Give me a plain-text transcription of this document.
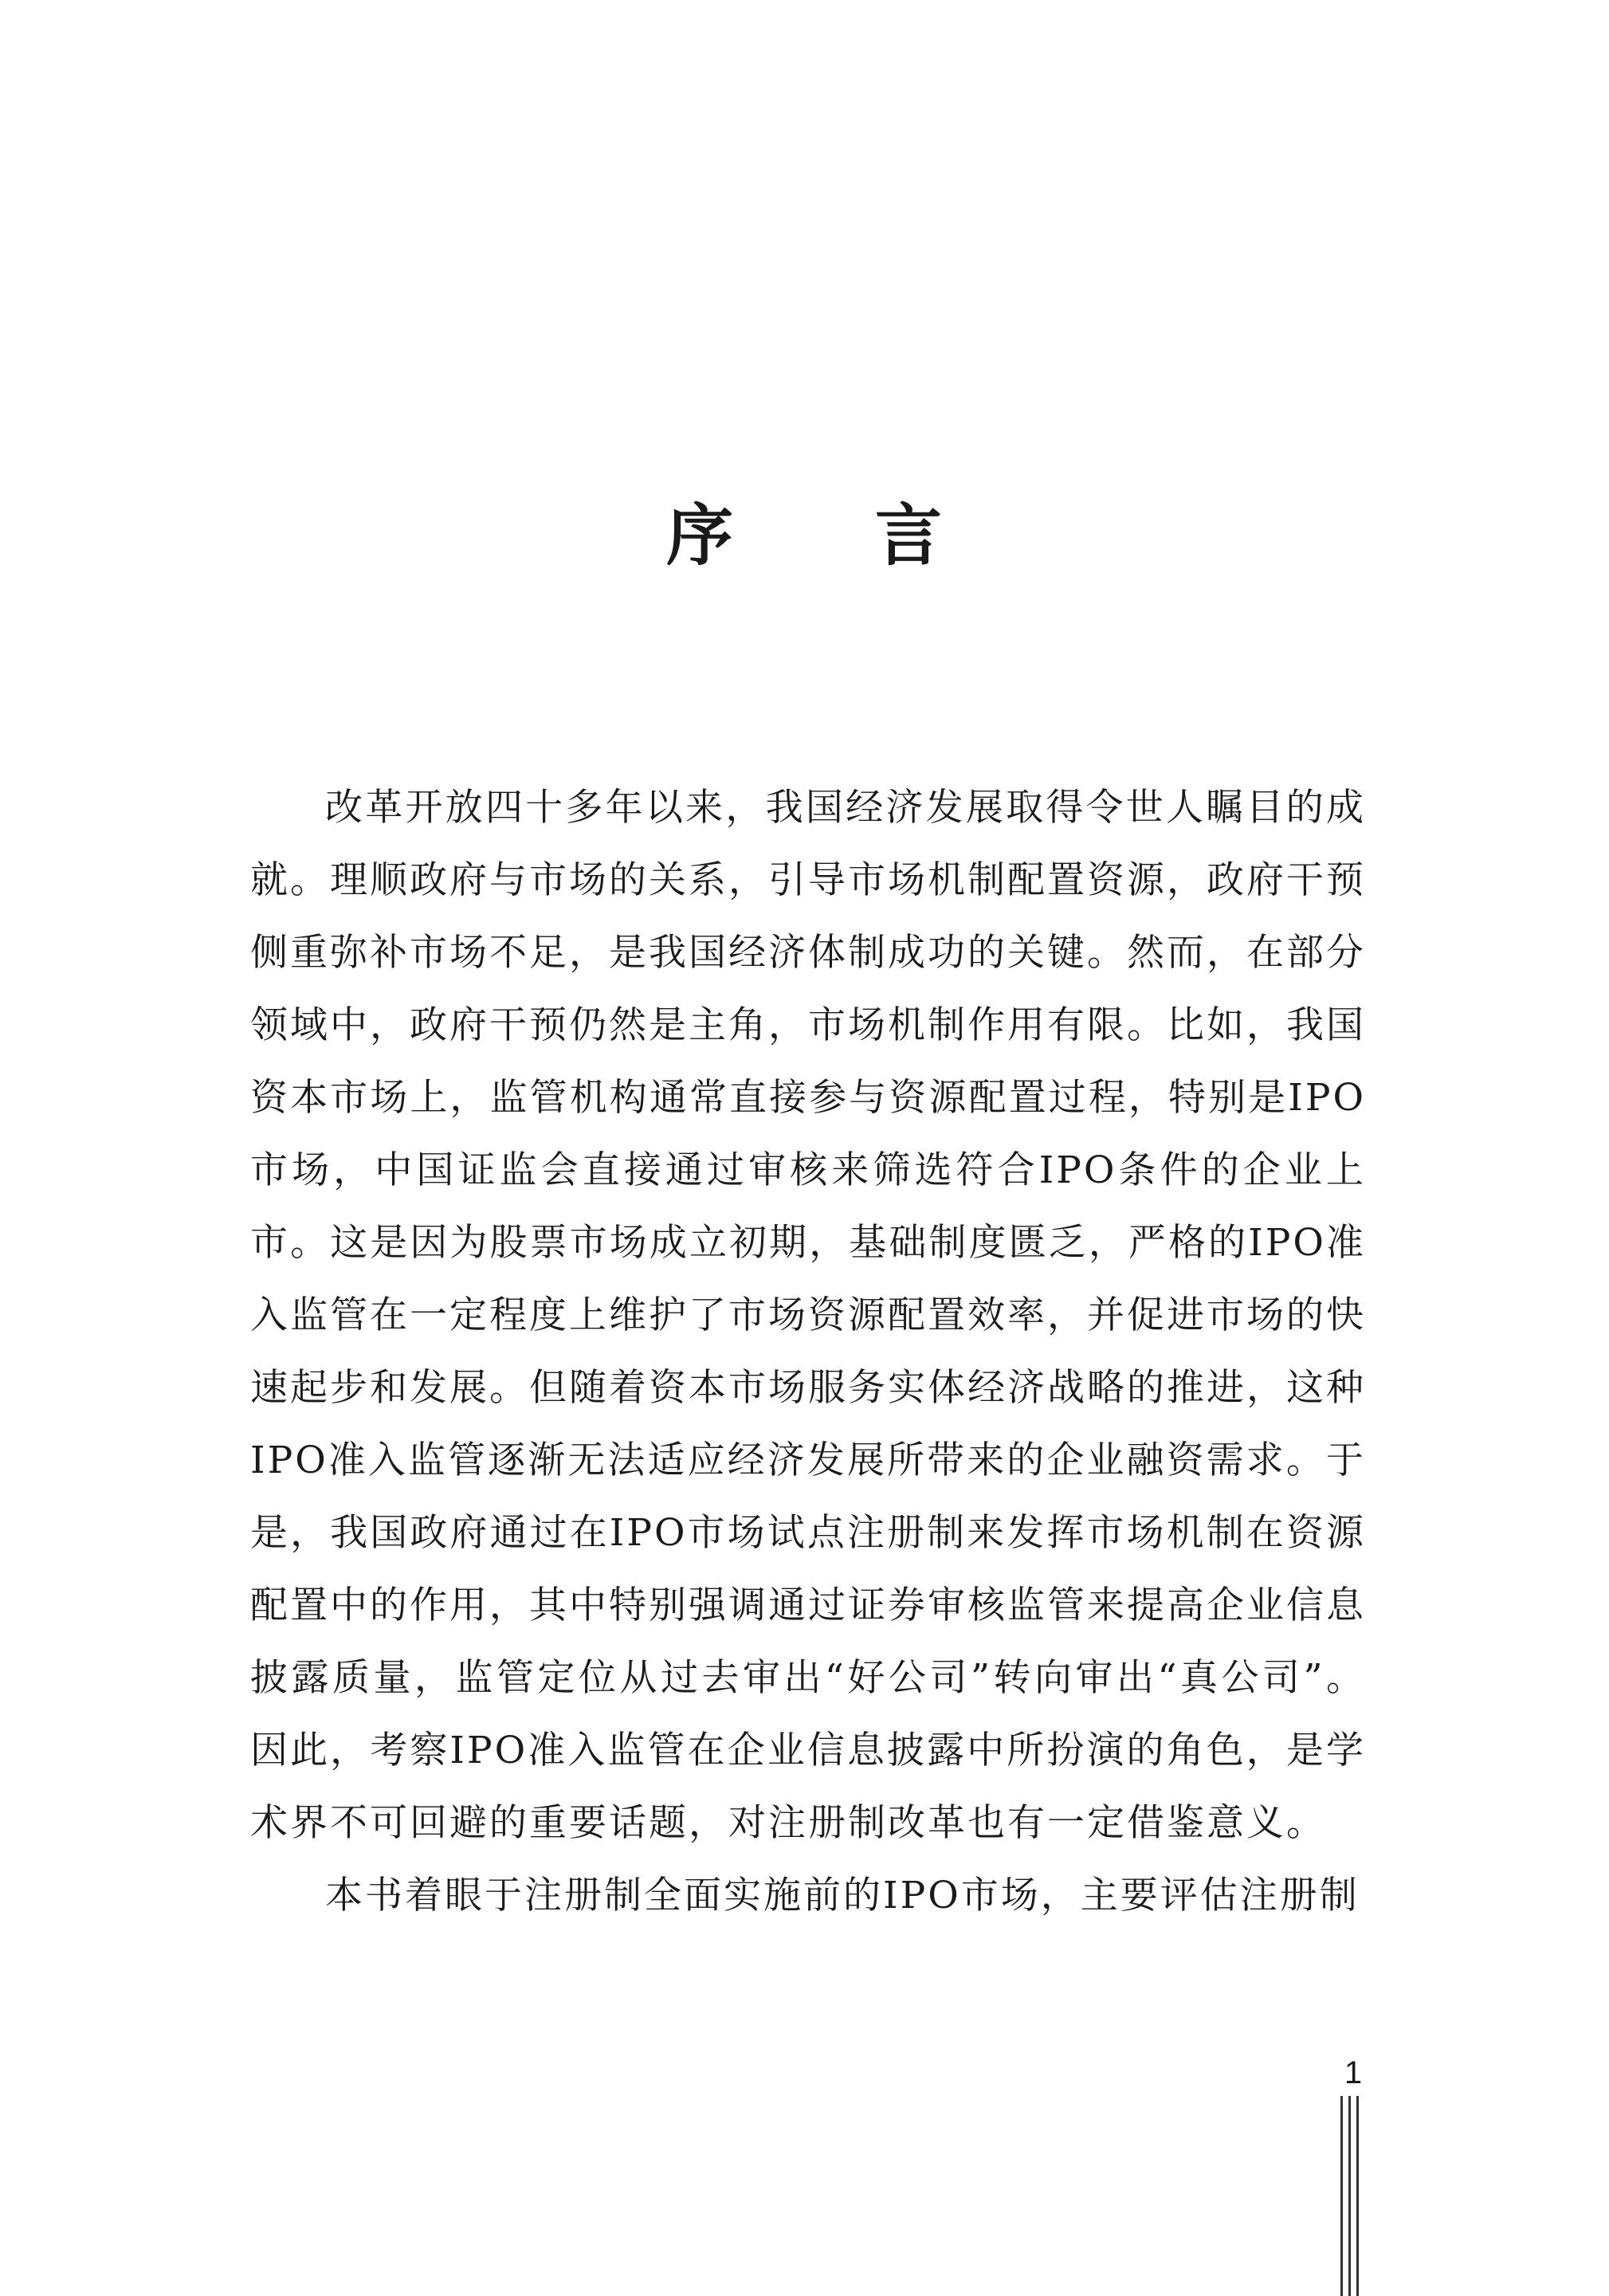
序 言

改革开放四十多年以来，我国经济发展取得令世人瞩目的成就。理顺政府与市场的关系，引导市场机制配置资源，政府干预侧重弥补市场不足，是我国经济体制成功的关键。然而，在部分领域中，政府干预仍然是主角，市场机制作用有限。比如，我国资本市场上，监管机构通常直接参与资源配置过程，特别是IPO市场，中国证监会直接通过审核来筛选符合IPO条件的企业上市。这是因为股票市场成立初期，基础制度匮乏，严格的IPO准入监管在一定程度上维护了市场资源配置效率，并促进市场的快速起步和发展。但随着资本市场服务实体经济战略的推进，这种IPO准入监管逐渐无法适应经济发展所带来的企业融资需求。于是，我国政府通过在IPO市场试点注册制来发挥市场机制在资源配置中的作用，其中特别强调通过证券审核监管来提高企业信息披露质量，监管定位从过去审出“好公司”转向审出“真公司”。因此，考察IPO准入监管在企业信息披露中所扮演的角色，是学术界不可回避的重要话题，对注册制改革也有一定借鉴意义。

本书着眼于注册制全面实施前的IPO市场，主要评估注册制

1
